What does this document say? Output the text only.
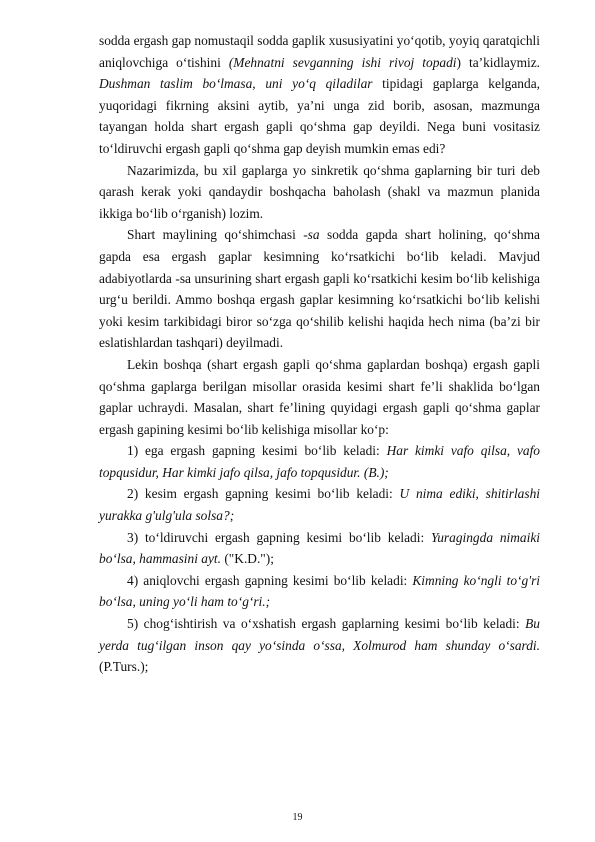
sodda ergash gap nomustaqil sodda gaplik xususiyatini yo‘qotib, yoyiq qaratqichli aniqlovchiga o‘tishini (Mehnatni sevganning ishi rivoj topadi) ta’kidlaymiz. Dushman taslim bo‘lmasa, uni yo‘q qiladilar tipidagi gaplarga kelganda, yuqoridagi fikrning aksini aytib, ya’ni unga zid borib, asosan, mazmunga tayangan holda shart ergash gapli qo‘shma gap deyildi. Nega buni vositasiz to‘ldiruvchi ergash gapli qo‘shma gap deyish mumkin emas edi?

Nazarimizda, bu xil gaplarga yo sinkretik qo‘shma gaplarning bir turi deb qarash kerak yoki qandaydir boshqacha baholash (shakl va mazmun planida ikkiga bo‘lib o‘rganish) lozim.

Shart maylining qo‘shimchasi -sa sodda gapda shart holining, qo‘shma gapda esa ergash gaplar kesimning ko‘rsatkichi bo‘lib keladi. Mavjud adabiyotlarda -sa unsurining shart ergash gapli ko‘rsatkichi kesim bo‘lib kelishiga urg‘u berildi. Ammo boshqa ergash gaplar kesimning ko‘rsatkichi bo‘lib kelishi yoki kesim tarkibidagi biror so‘zga qo‘shilib kelishi haqida hech nima (ba’zi bir eslatishlardan tashqari) deyilmadi.

Lekin boshqa (shart ergash gapli qo‘shma gaplardan boshqa) ergash gapli qo‘shma gaplarga berilgan misollar orasida kesimi shart fe’li shaklida bo‘lgan gaplar uchraydi. Masalan, shart fe’lining quyidagi ergash gapli qo‘shma gaplar ergash gapining kesimi bo‘lib kelishiga misollar ko‘p:

1) ega ergash gapning kesimi bo‘lib keladi: Har kimki vafo qilsa, vafo topqusidur, Har kimki jafo qilsa, jafo topqusidur. (B.);

2) kesim ergash gapning kesimi bo‘lib keladi: U nima ediki, shitirlashi yurakka g'ulg'ula solsa?;

3) to‘ldiruvchi ergash gapning kesimi bo‘lib keladi: Yuragingda nimaiki bo‘lsa, hammasini ayt. ("K.D.");

4) aniqlovchi ergash gapning kesimi bo‘lib keladi: Kimning ko‘ngli to‘g'ri bo‘lsa, uning yo‘li ham to‘g‘ri.;

5) chog‘ishtirish va o‘xshatish ergash gaplarning kesimi bo‘lib keladi: Bu yerda tug‘ilgan inson qay yo‘sinda o‘ssa, Xolmurod ham shunday o‘sardi. (P.Turs.);

19
